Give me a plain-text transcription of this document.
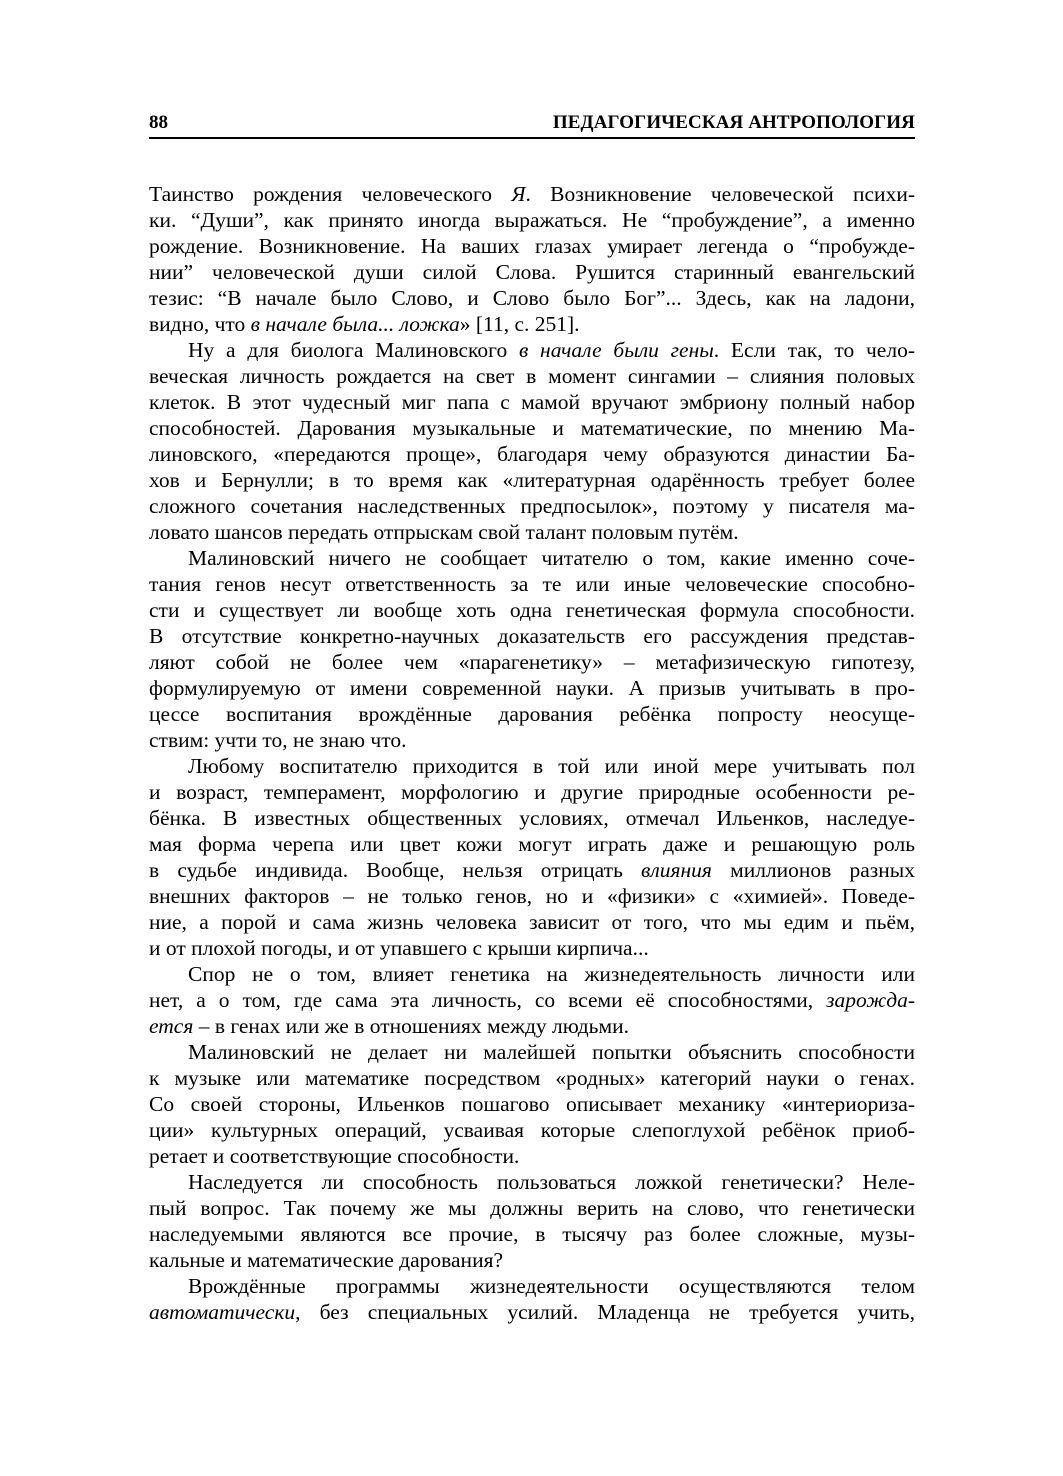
88	ПЕДАГОГИЧЕСКАЯ АНТРОПОЛОГИЯ
Таинство рождения человеческого Я. Возникновение человеческой психи-
ки. “Души”, как принято иногда выражаться. Не “пробуждение”, а именно
рождение. Возникновение. На ваших глазах умирает легенда о “пробужде-
нии” человеческой души силой Слова. Рушится старинный евангельский
тезис: “В начале было Слово, и Слово было Бог”... Здесь, как на ладони,
видно, что в начале была... ложка» [11, с. 251].
Ну а для биолога Малиновского в начале были гены. Если так, то чело-
веческая личность рождается на свет в момент сингамии – слияния половых
клеток. В этот чудесный миг папа с мамой вручают эмбриону полный набор
способностей. Дарования музыкальные и математические, по мнению Ма-
линовского, «передаются проще», благодаря чему образуются династии Ба-
хов и Бернулли; в то время как «литературная одарённость требует более
сложного сочетания наследственных предпосылок», поэтому у писателя ма-
ловато шансов передать отпрыскам свой талант половым путём.
Малиновский ничего не сообщает читателю о том, какие именно соче-
тания генов несут ответственность за те или иные человеческие способно-
сти и существует ли вообще хоть одна генетическая формула способности.
В отсутствие конкретно-научных доказательств его рассуждения представ-
ляют собой не более чем «парагенетику» – метафизическую гипотезу,
формулируемую от имени современной науки. А призыв учитывать в про-
цессе воспитания врождённые дарования ребёнка попросту неосуще-
ствим: учти то, не знаю что.
Любому воспитателю приходится в той или иной мере учитывать пол
и возраст, темперамент, морфологию и другие природные особенности ре-
бёнка. В известных общественных условиях, отмечал Ильенков, наследуе-
мая форма черепа или цвет кожи могут играть даже и решающую роль
в судьбе индивида. Вообще, нельзя отрицать влияния миллионов разных
внешних факторов – не только генов, но и «физики» с «химией». Поведе-
ние, а порой и сама жизнь человека зависит от того, что мы едим и пьём,
и от плохой погоды, и от упавшего с крыши кирпича...
Спор не о том, влияет генетика на жизнедеятельность личности или
нет, а о том, где сама эта личность, со всеми её способностями, зарожда-
ется – в генах или же в отношениях между людьми.
Малиновский не делает ни малейшей попытки объяснить способности
к музыке или математике посредством «родных» категорий науки о генах.
Со своей стороны, Ильенков пошагово описывает механику «интериориза-
ции» культурных операций, усваивая которые слепоглухой ребёнок приоб-
ретает и соответствующие способности.
Наследуется ли способность пользоваться ложкой генетически? Неле-
пый вопрос. Так почему же мы должны верить на слово, что генетически
наследуемыми являются все прочие, в тысячу раз более сложные, музы-
кальные и математические дарования?
Врождённые программы жизнедеятельности осуществляются телом
автоматически, без специальных усилий. Младенца не требуется учить,
